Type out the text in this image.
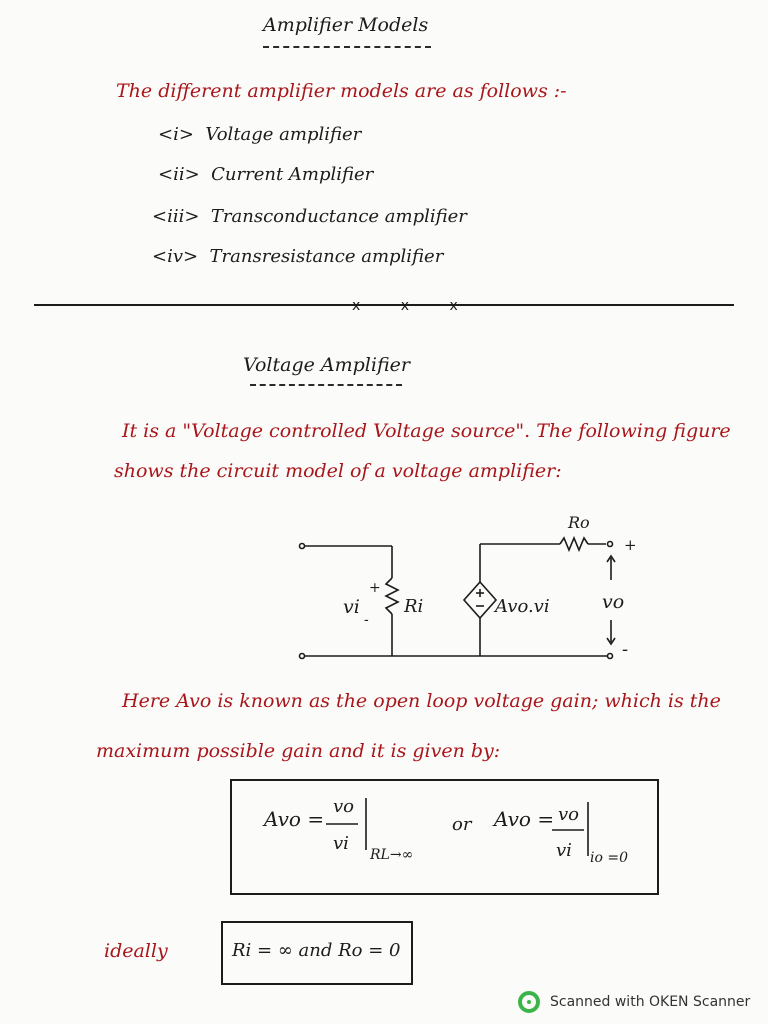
Amplifier Models
The different amplifier models are as follows :-
<i> Voltage amplifier
<ii> Current Amplifier
<iii> Transconductance amplifier
<iv> Transresistance amplifier
x x x
Voltage Amplifier
It is a "Voltage controlled Voltage source". The following figure
shows the circuit model of a voltage amplifier:
vi
+
-
Ri	Avo.vi
Ro
+
-
vo
Here Avo is known as the open loop voltage gain; which is the
maximum possible gain and it is given by:
Avo =
vo
vi
RL→∞
or Avo = vo
vi io =0
ideally	Ri = ∞ and Ro = 0
Scanned with OKEN Scanner
